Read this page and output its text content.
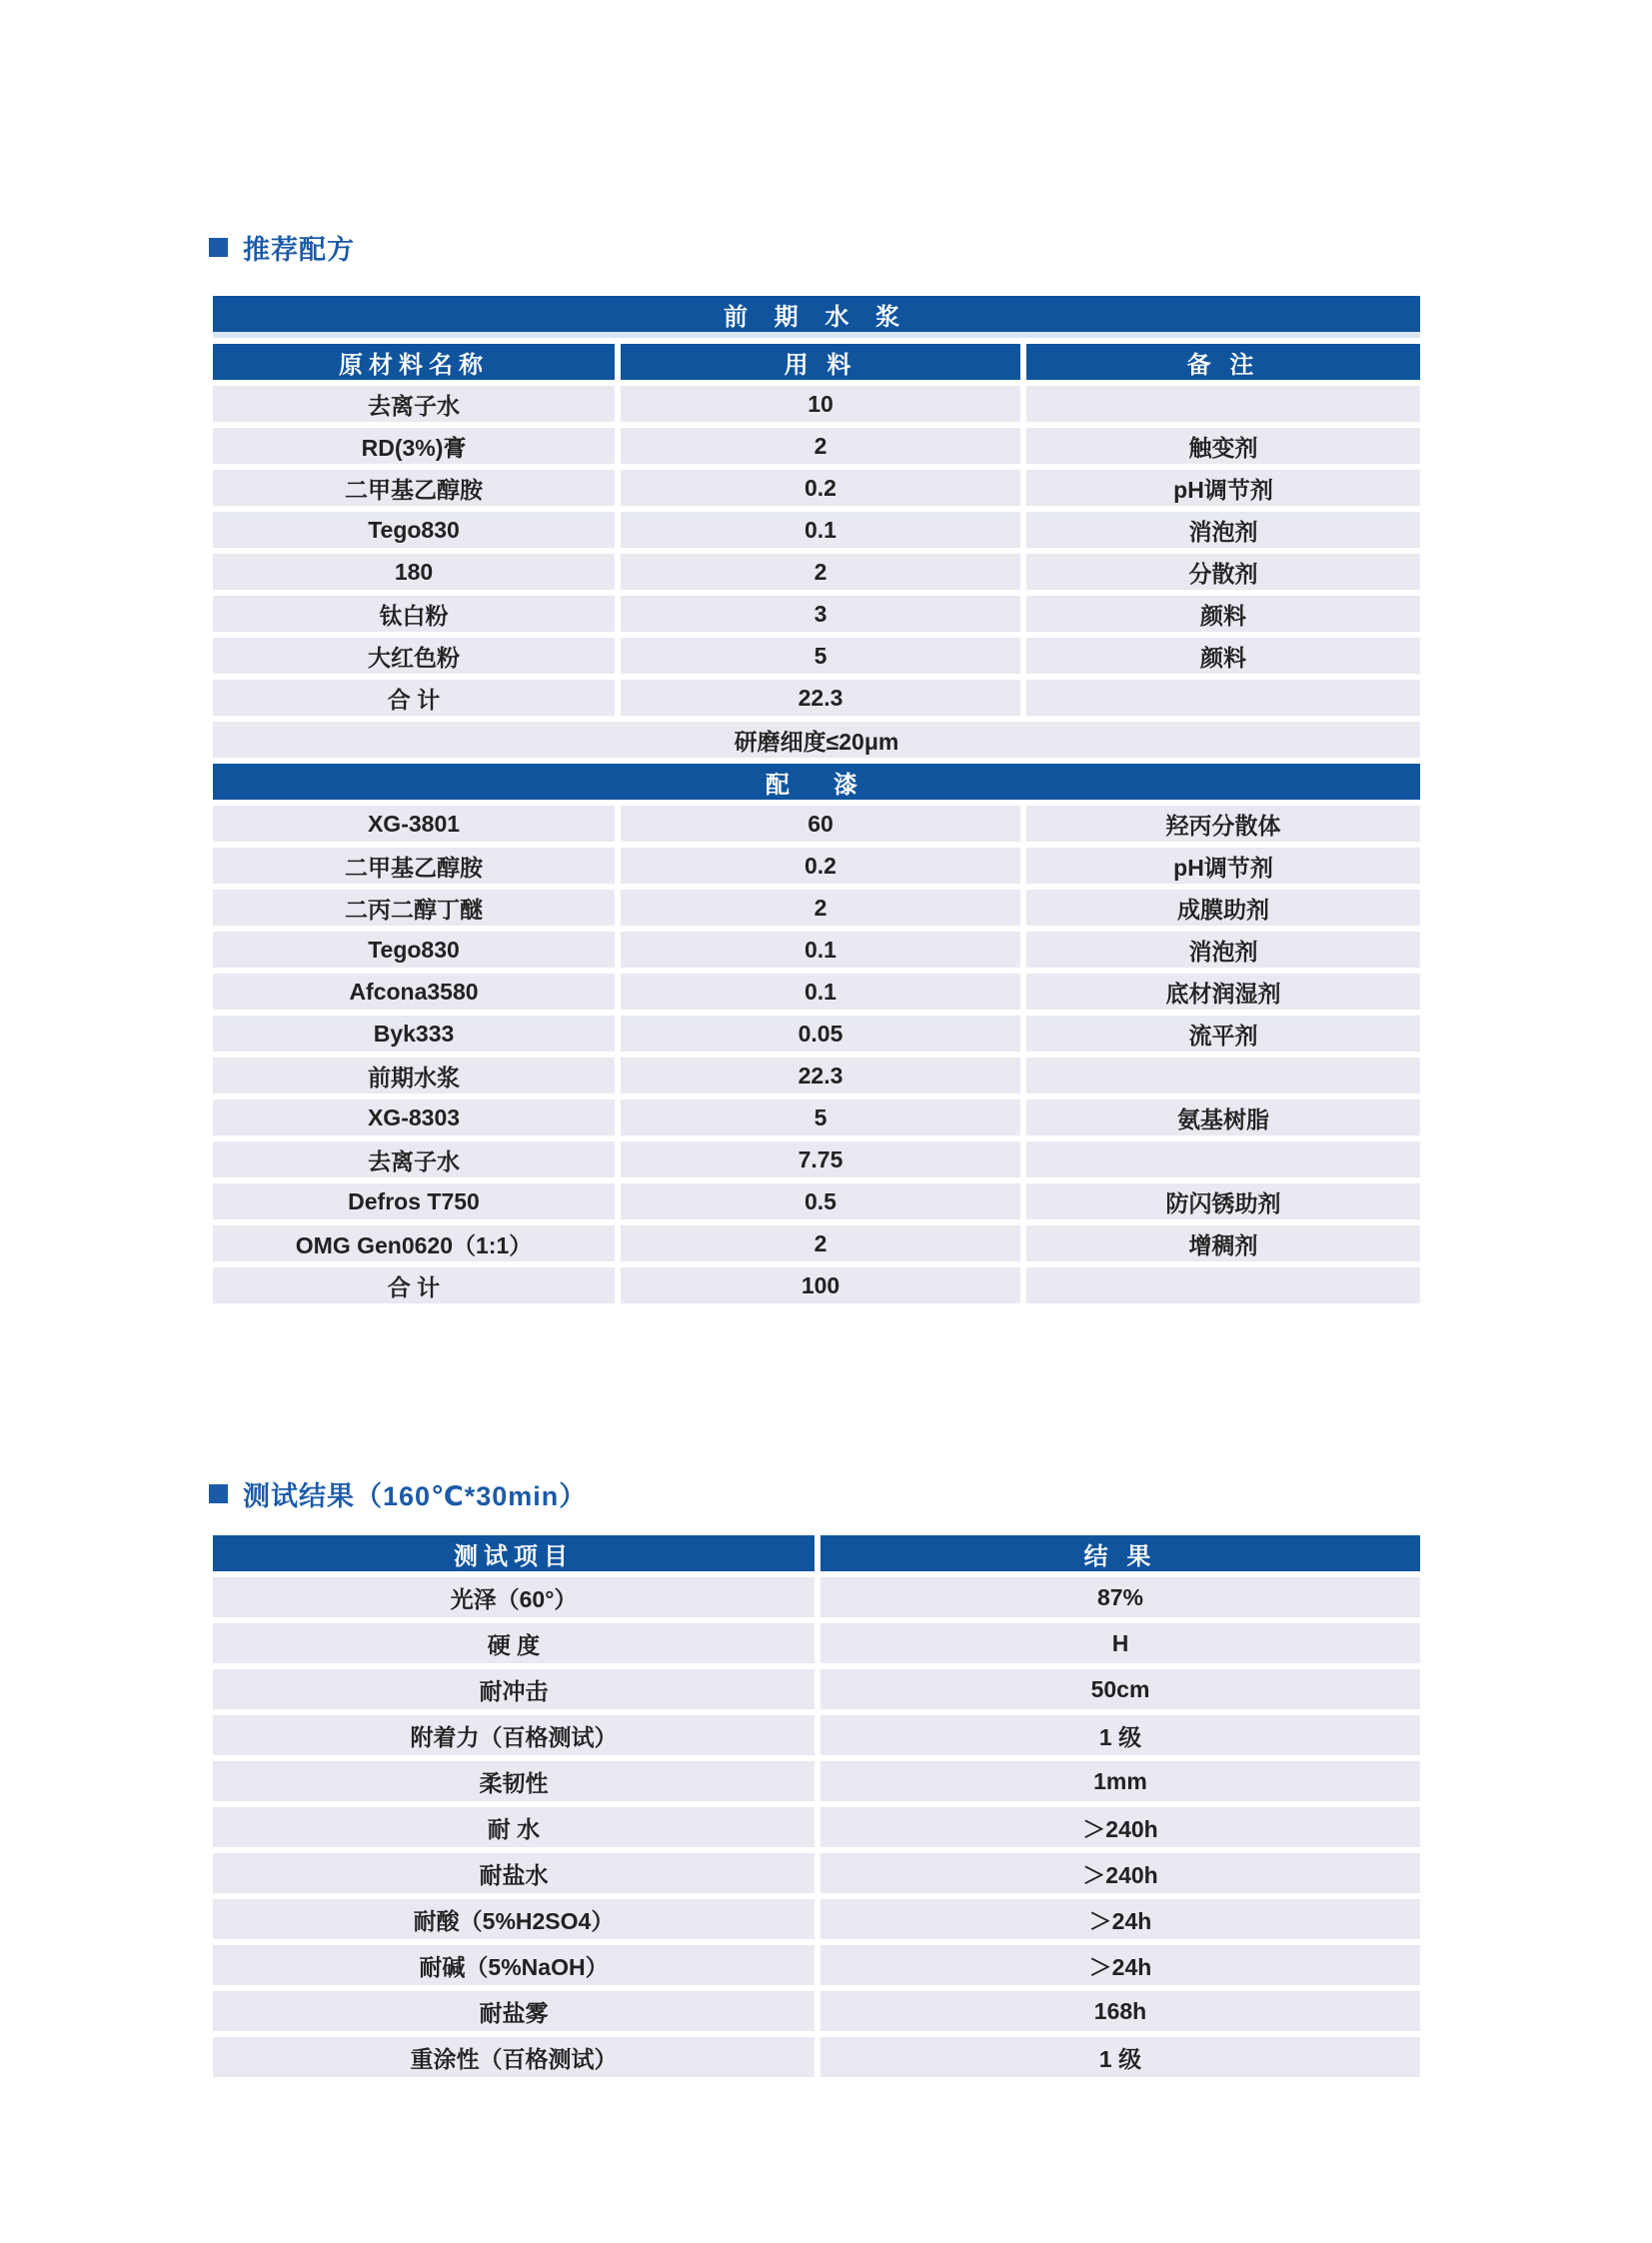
推荐配方
前 期 水 浆
原材料名称	用 料	备 注
去离子水	10
RD(3%)膏	2	触变剂
二甲基乙醇胺	0.2	pH调节剂
Tego830	0.1	消泡剂
180	2	分散剂
钛白粉	3	颜料
大红色粉	5	颜料
合 计	22.3
研磨细度≤20μm
配　漆
XG-3801	60	羟丙分散体
二甲基乙醇胺	0.2	pH调节剂
二丙二醇丁醚	2	成膜助剂
Tego830	0.1	消泡剂
Afcona3580	0.1	底材润湿剂
Byk333	0.05	流平剂
前期水浆	22.3
XG-8303	5	氨基树脂
去离子水	7.75
Defros T750	0.5	防闪锈助剂
OMG Gen0620（1:1）	2	增稠剂
合 计	100
测试结果（160℃*30min）
测试项目	结 果
光泽（60°）	87%
硬 度	H
耐冲击	50cm
附着力（百格测试）	1 级
柔韧性	1mm
耐 水	＞240h
耐盐水	＞240h
耐酸（5%H2SO4）	＞24h
耐碱（5%NaOH）	＞24h
耐盐雾	168h
重涂性（百格测试）	1 级
